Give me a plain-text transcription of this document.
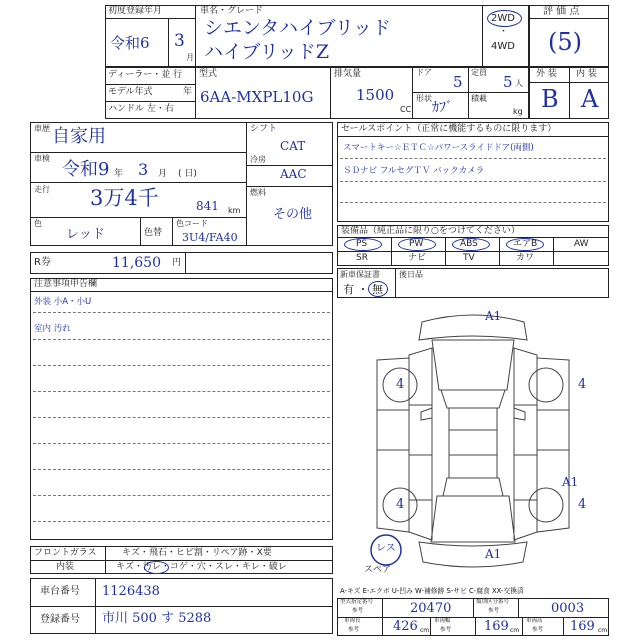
初度登録年月
令和6 3
月
車名・グレード
シエンタハイブリッド
ハイブリッドZ
2WD
・
4WD
評 価 点
(5)
ディーラー・並 行
モデル年式	年
ハンドル 左・右
型式
6AA-MXPL10G
排気量
1500
CC
ドア
5
定員
5 人
形状
ｶﾌﾞ
積載
kg
外 装 内 装
B A
車歴 自家用
車検
令和9 年 3 月 ( 日)
走行 3万4千	841 km
色
レッド	色替
色コード
3U4/FA40
シフト
CAT
冷房
AAC
燃料
その他
セールスポイント（正常に機能するものに限ります）
スマートキー☆ＥＴＣ☆パワースライドドア(両側)
ＳＤナビ フルセグＴＶ バックカメラ
装備品（純正品に限り○をつけてください）
PS	PW	ABS	エアB	AW
SR	ナビ	TV	カワ
新車保証書
有 ・ 無
後日品
R券	11,650 円
注意事項申告欄
外装 小A・小U
室内 汚れ
A1
4	4
4	4
A1
A1
レス
スペア
フロントガラス	キズ・飛石・ヒビ割・リペア跡・X要
内装	キズ・汚レ・コゲ・穴・スレ・キレ・破レ
A-キズ E-エクボ U-凹み W-補修跡 S-サビ C-腐食 XX-交換済
車台番号 1126438
登録番号 市川 500 す 5288
型式指定番号
参考	20470	類別区分番号
参考	0003
車両長
参考	426 cm
車両幅
参考	169 cm
車両高
参考 169 cm
